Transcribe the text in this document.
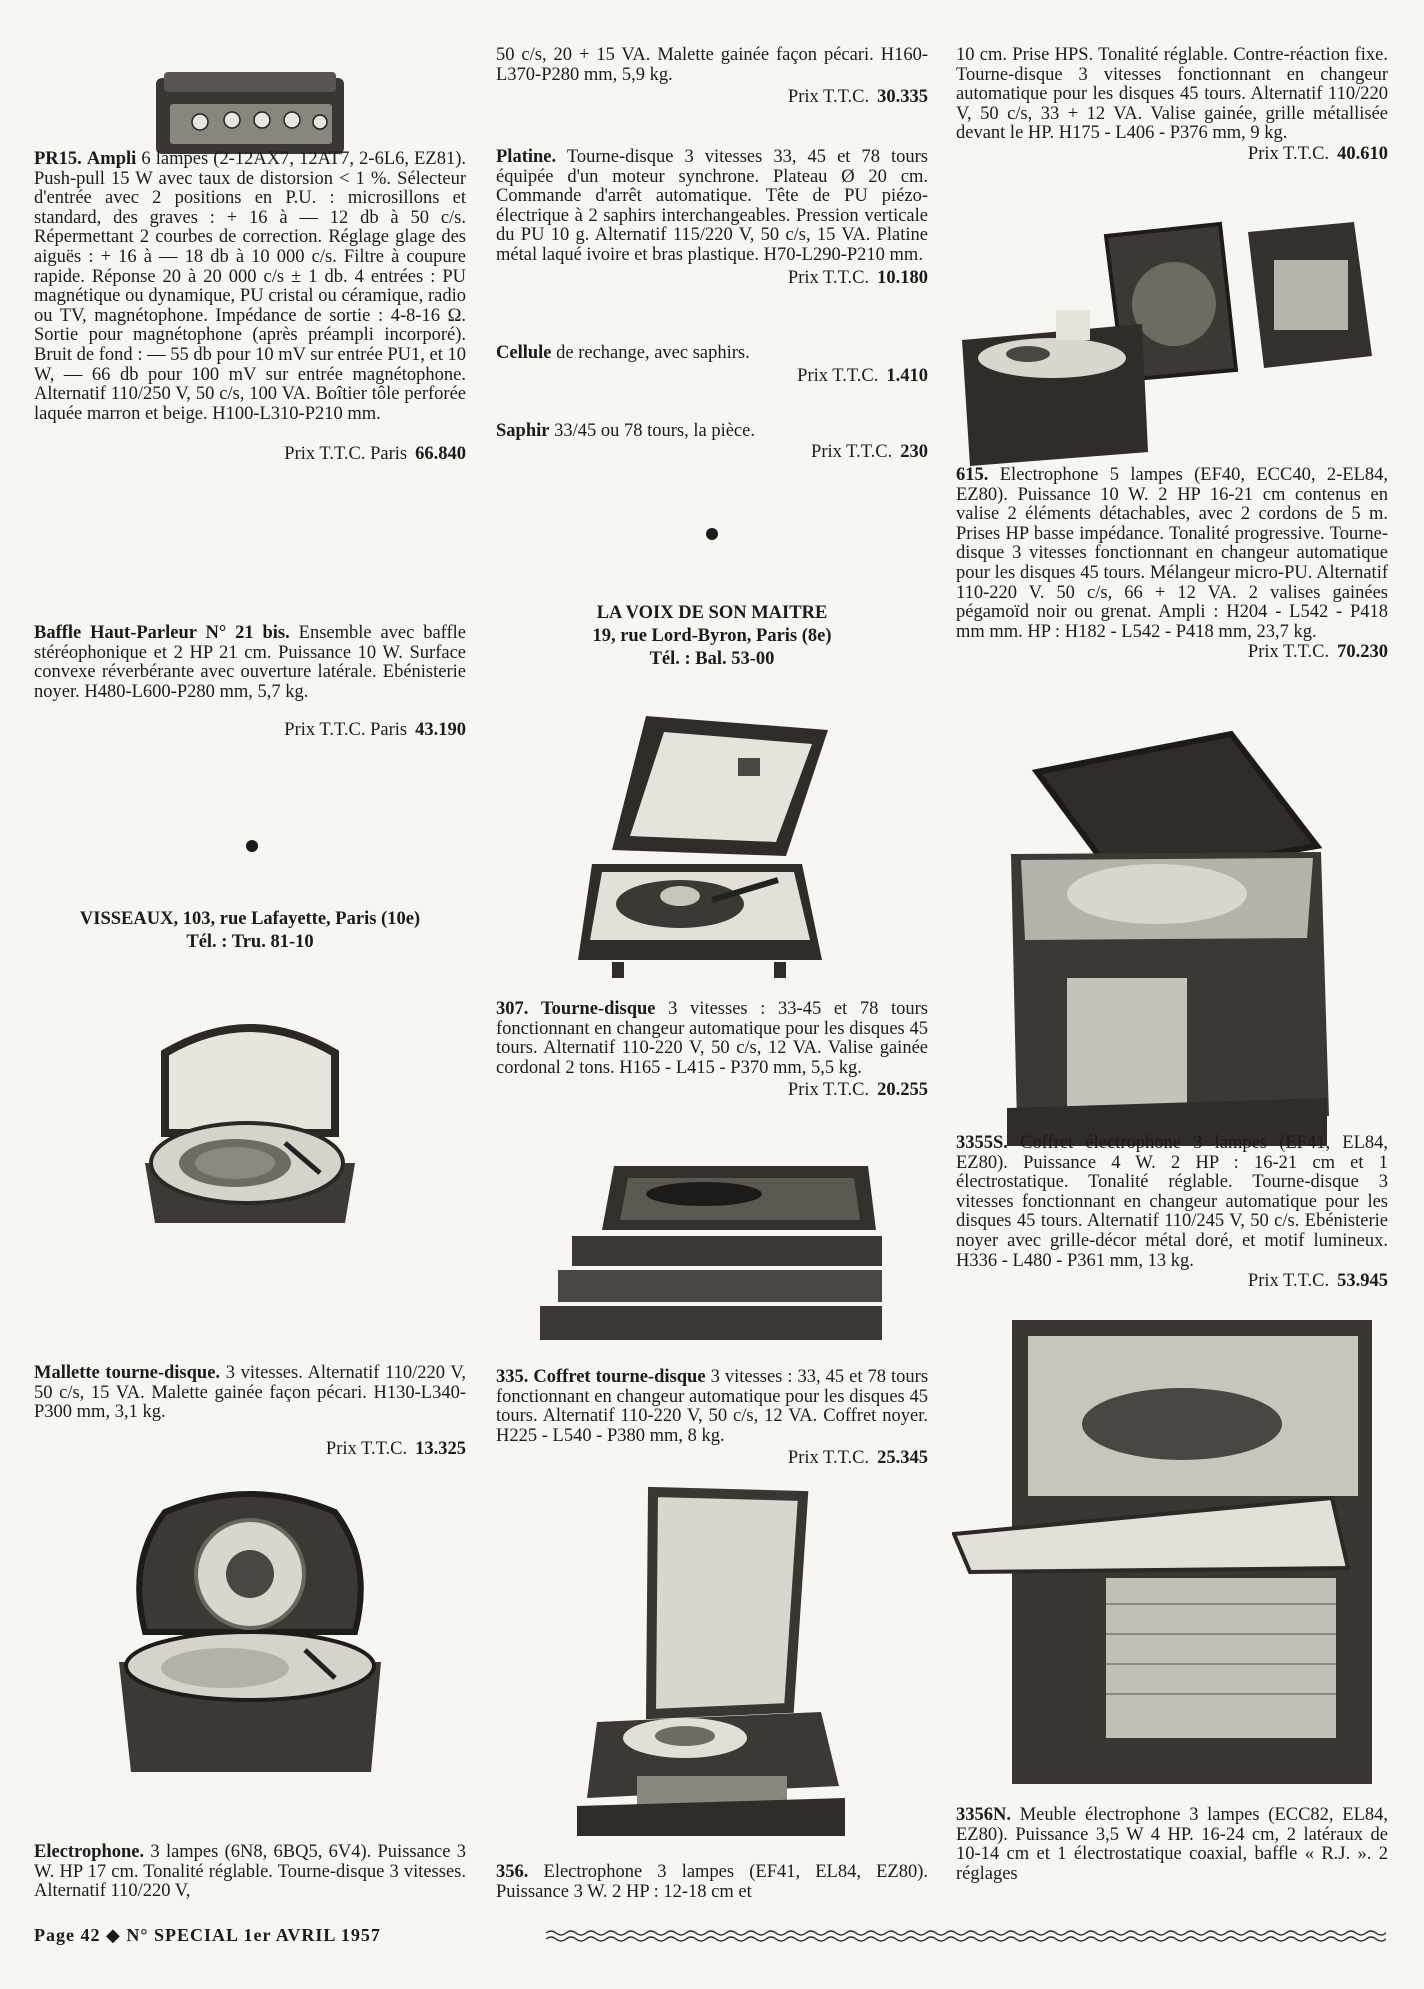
PR15. Ampli 6 lampes (2-12AX7, 12AT7, 2-6L6, EZ81). Push-pull 15 W avec taux de distorsion < 1 %. Sélecteur d'entrée avec 2 positions en P.U. : microsillons et standard, des graves : + 16 à — 12 db à 50 c/s. Répermettant 2 courbes de correction. Réglage glage des aiguës : + 16 à — 18 db à 10 000 c/s. Filtre à coupure rapide. Réponse 20 à 20 000 c/s ± 1 db. 4 entrées : PU magnétique ou dynamique, PU cristal ou céramique, radio ou TV, magnétophone. Impédance de sortie : 4-8-16 Ω. Sortie pour magnétophone (après préampli incorporé). Bruit de fond : — 55 db pour 10 mV sur entrée PU1, et 10 W, — 66 db pour 100 mV sur entrée magnétophone. Alternatif 110/250 V, 50 c/s, 100 VA. Boîtier tôle perforée laquée marron et beige. H100-L310-P210 mm.

Prix T.T.C. Paris 66.840

Baffle Haut-Parleur N° 21 bis. Ensemble avec baffle stéréophonique et 2 HP 21 cm. Puissance 10 W. Surface convexe réverbérante avec ouverture latérale. Ebénisterie noyer. H480-L600-P280 mm, 5,7 kg.

Prix T.T.C. Paris 43.190
VISSEAUX, 103, rue Lafayette, Paris (10e)
Tél. : Tru. 81-10

Mallette tourne-disque. 3 vitesses. Alternatif 110/220 V, 50 c/s, 15 VA. Malette gainée façon pécari. H130-L340-P300 mm, 3,1 kg.

Prix T.T.C. 13.325

Electrophone. 3 lampes (6N8, 6BQ5, 6V4). Puissance 3 W. HP 17 cm. Tonalité réglable. Tourne-disque 3 vitesses. Alternatif 110/220 V,

50 c/s, 20 + 15 VA. Malette gainée façon pécari. H160-L370-P280 mm, 5,9 kg.

Prix T.T.C. 30.335

Platine. Tourne-disque 3 vitesses 33, 45 et 78 tours équipée d'un moteur synchrone. Plateau Ø 20 cm. Commande d'arrêt automatique. Tête de PU piézo-électrique à 2 saphirs interchangeables. Pression verticale du PU 10 g. Alternatif 115/220 V, 50 c/s, 15 VA. Platine métal laqué ivoire et bras plastique. H70-L290-P210 mm.

Prix T.T.C. 10.180

Cellule de rechange, avec saphirs.

Prix T.T.C. 1.410

Saphir 33/45 ou 78 tours, la pièce.

Prix T.T.C. 230
LA VOIX DE SON MAITRE
19, rue Lord-Byron, Paris (8e)
Tél. : Bal. 53-00

307. Tourne-disque 3 vitesses : 33-45 et 78 tours fonctionnant en changeur automatique pour les disques 45 tours. Alternatif 110-220 V, 50 c/s, 12 VA. Valise gainée cordonal 2 tons. H165 - L415 - P370 mm, 5,5 kg.

Prix T.T.C. 20.255

335. Coffret tourne-disque 3 vitesses : 33, 45 et 78 tours fonctionnant en changeur automatique pour les disques 45 tours. Alternatif 110-220 V, 50 c/s, 12 VA. Coffret noyer. H225 - L540 - P380 mm, 8 kg.

Prix T.T.C. 25.345

356. Electrophone 3 lampes (EF41, EL84, EZ80). Puissance 3 W. 2 HP : 12-18 cm et

10 cm. Prise HPS. Tonalité réglable. Contre-réaction fixe. Tourne-disque 3 vitesses fonctionnant en changeur automatique pour les disques 45 tours. Alternatif 110/220 V, 50 c/s, 33 + 12 VA. Valise gainée, grille métallisée devant le HP. H175 - L406 - P376 mm, 9 kg.

Prix T.T.C. 40.610

615. Electrophone 5 lampes (EF40, ECC40, 2-EL84, EZ80). Puissance 10 W. 2 HP 16-21 cm contenus en valise 2 éléments détachables, avec 2 cordons de 5 m. Prises HP basse impédance. Tonalité progressive. Tourne-disque 3 vitesses fonctionnant en changeur automatique pour les disques 45 tours. Mélangeur micro-PU. Alternatif 110-220 V. 50 c/s, 66 + 12 VA. 2 valises gainées pégamoïd noir ou grenat. Ampli : H204 - L542 - P418 mm mm. HP : H182 - L542 - P418 mm, 23,7 kg.

Prix T.T.C. 70.230

3355S. Coffret électrophone 3 lampes (EF41, EL84, EZ80). Puissance 4 W. 2 HP : 16-21 cm et 1 électrostatique. Tonalité réglable. Tourne-disque 3 vitesses fonctionnant en changeur automatique pour les disques 45 tours. Alternatif 110/245 V, 50 c/s. Ebénisterie noyer avec grille-décor métal doré, et motif lumineux. H336 - L480 - P361 mm, 13 kg.

Prix T.T.C. 53.945

3356N. Meuble électrophone 3 lampes (ECC82, EL84, EZ80). Puissance 3,5 W 4 HP. 16-24 cm, 2 latéraux de 10-14 cm et 1 électrostatique coaxial, baffle « R.J. ». 2 réglages

Page 42 ◆ N° SPECIAL 1er AVRIL 1957
